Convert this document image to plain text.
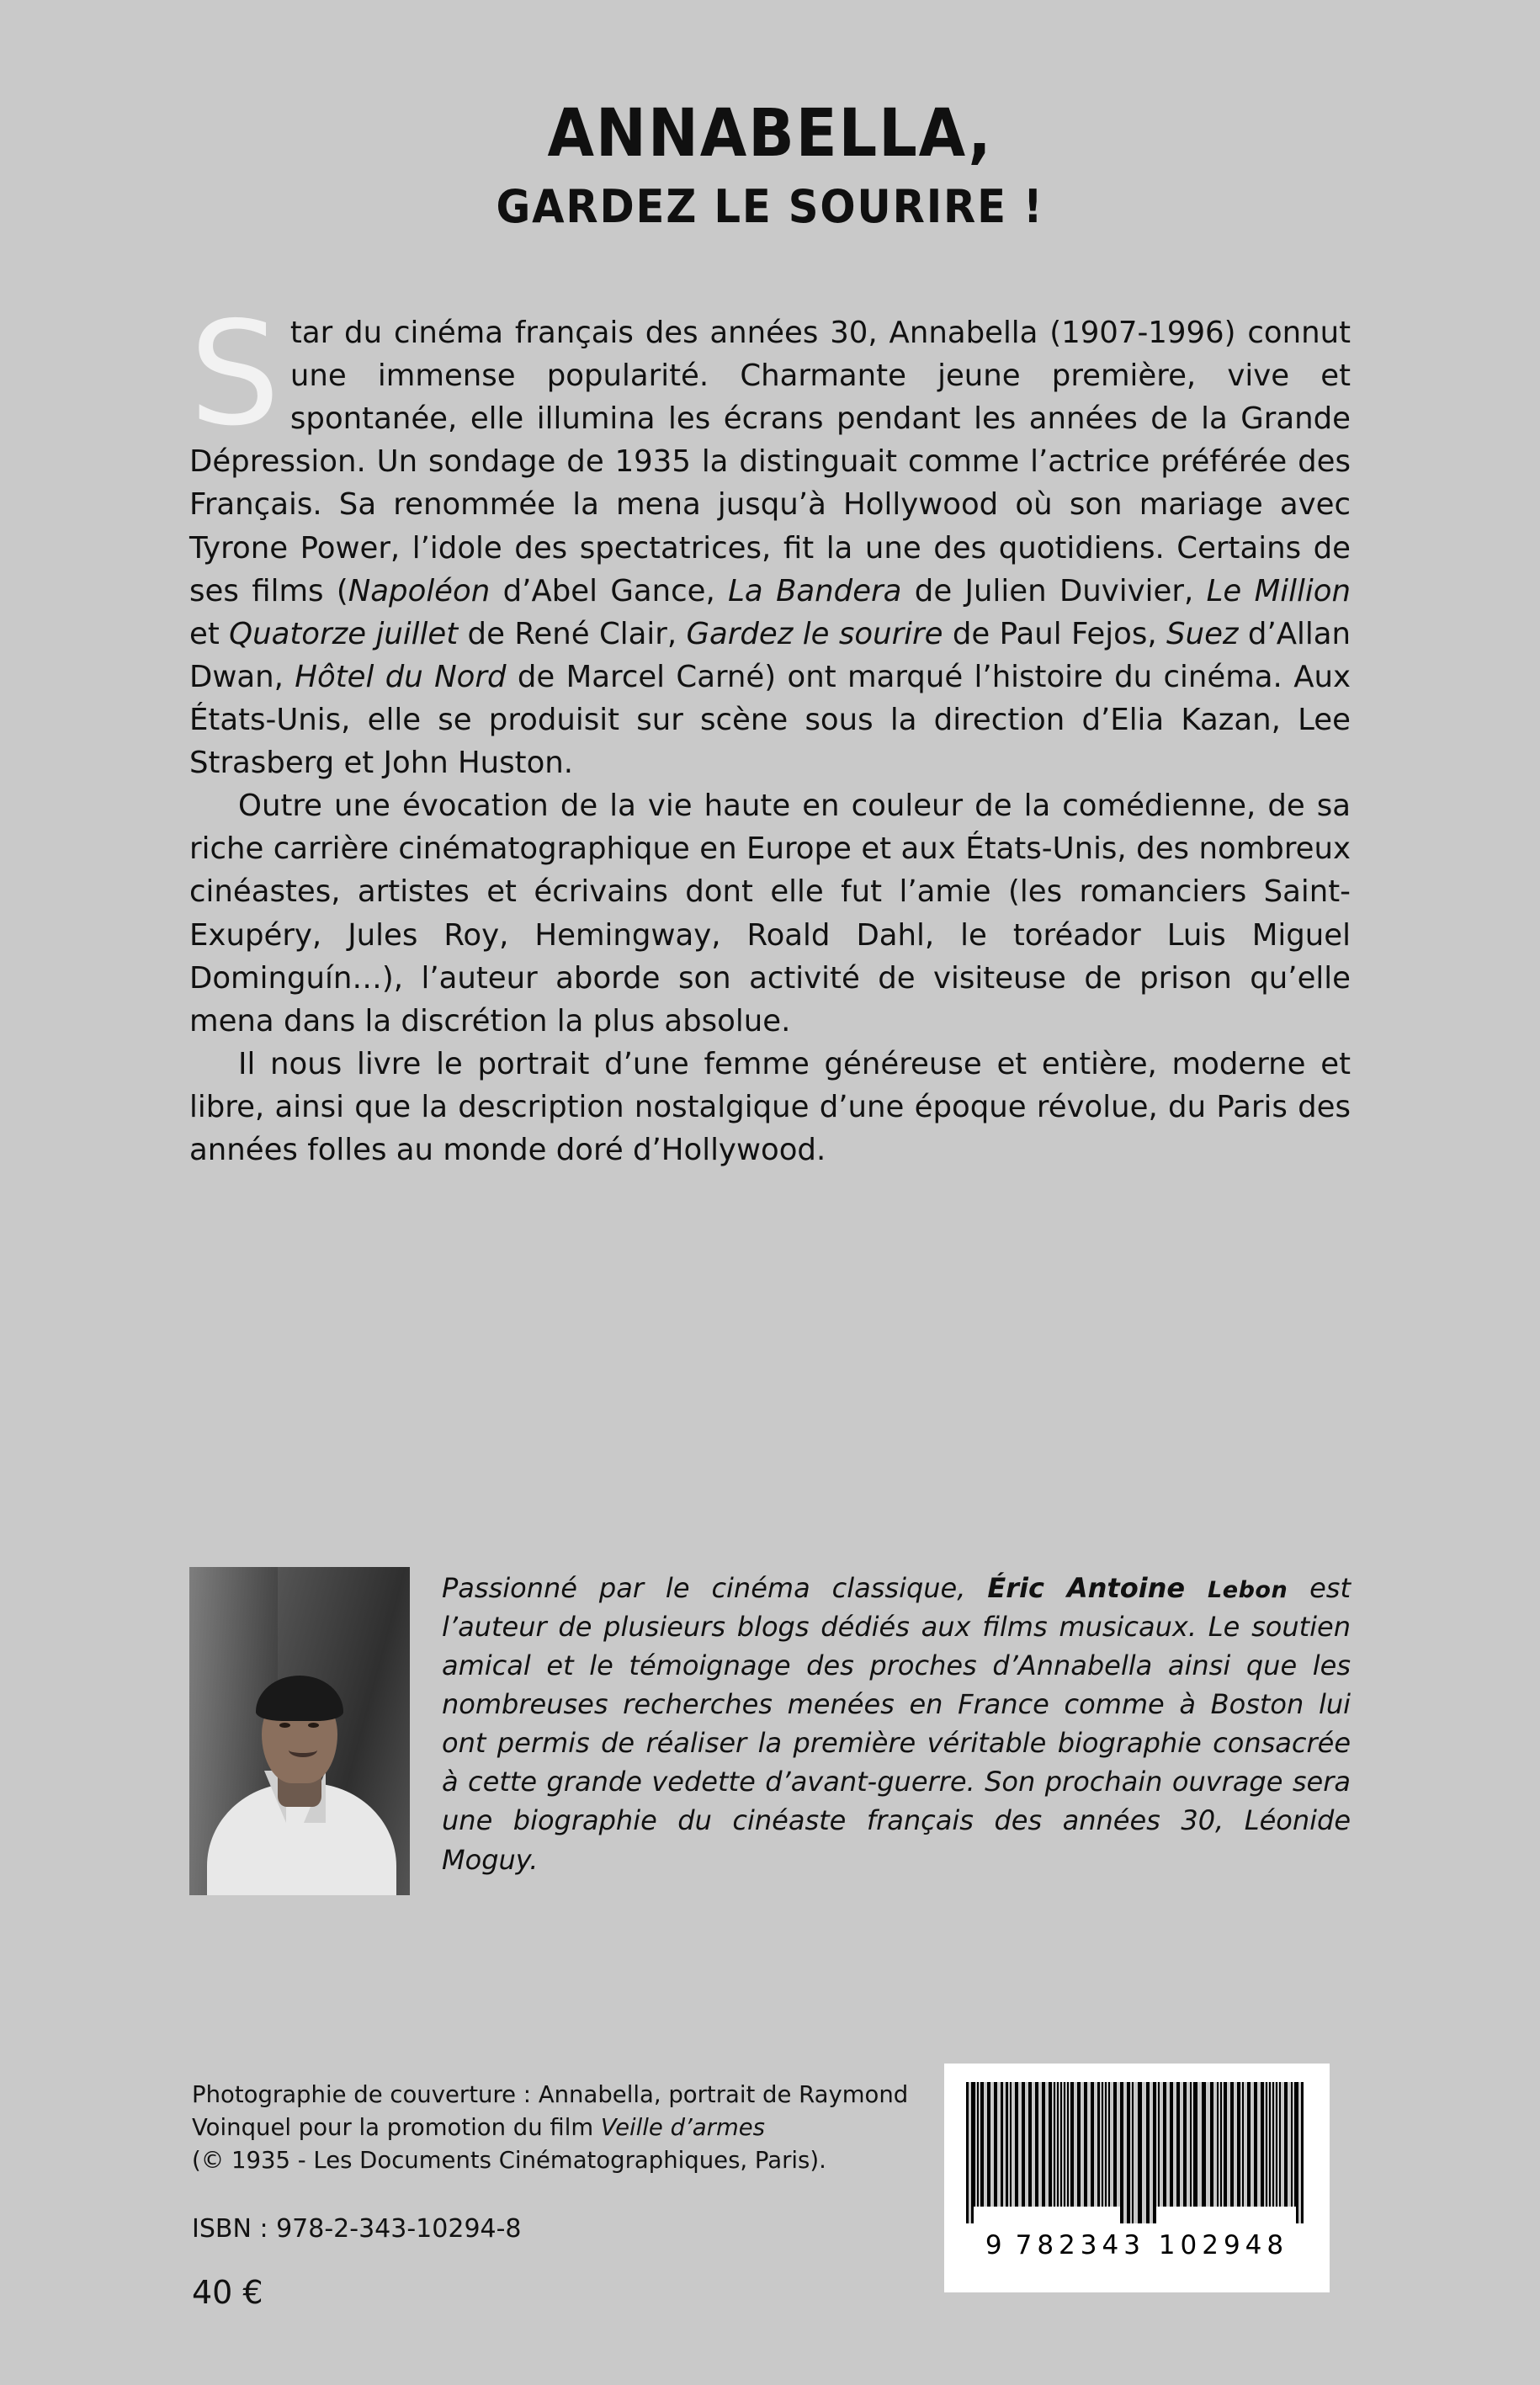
ANNABELLA,
GARDEZ LE SOURIRE !

Star du cinéma français des années 30, Annabella (1907-1996) connut une immense popularité. Charmante jeune première, vive et spontanée, elle illumina les écrans pendant les années de la Grande Dépression. Un sondage de 1935 la distinguait comme l’actrice préférée des Français. Sa renommée la mena jusqu’à Hollywood où son mariage avec Tyrone Power, l’idole des spectatrices, fit la une des quotidiens. Certains de ses films (Napoléon d’Abel Gance, La Bandera de Julien Duvivier, Le Million et Quatorze juillet de René Clair, Gardez le sourire de Paul Fejos, Suez d’Allan Dwan, Hôtel du Nord de Marcel Carné) ont marqué l’histoire du cinéma. Aux États-Unis, elle se produisit sur scène sous la direction d’Elia Kazan, Lee Strasberg et John Huston.

Outre une évocation de la vie haute en couleur de la comédienne, de sa riche carrière cinématographique en Europe et aux États-Unis, des nombreux cinéastes, artistes et écrivains dont elle fut l’amie (les romanciers Saint-Exupéry, Jules Roy, Hemingway, Roald Dahl, le toréador Luis Miguel Dominguín…), l’auteur aborde son activité de visiteuse de prison qu’elle mena dans la discrétion la plus absolue.

Il nous livre le portrait d’une femme généreuse et entière, moderne et libre, ainsi que la description nostalgique d’une époque révolue, du Paris des années folles au monde doré d’Hollywood.

Passionné par le cinéma classique, Éric Antoine Lebon est l’auteur de plusieurs blogs dédiés aux films musicaux. Le soutien amical et le témoignage des proches d’Annabella ainsi que les nombreuses recherches menées en France comme à Boston lui ont permis de réaliser la première véritable biographie consacrée à cette grande vedette d’avant-guerre. Son prochain ouvrage sera une biographie du cinéaste français des années 30, Léonide Moguy.
Photographie de couverture : Annabella, portrait de Raymond
Voinquel pour la promotion du film Veille d’armes
(© 1935 - Les Documents Cinématographiques, Paris).
ISBN : 978-2-343-10294-8
40 €
9 782343 102948
